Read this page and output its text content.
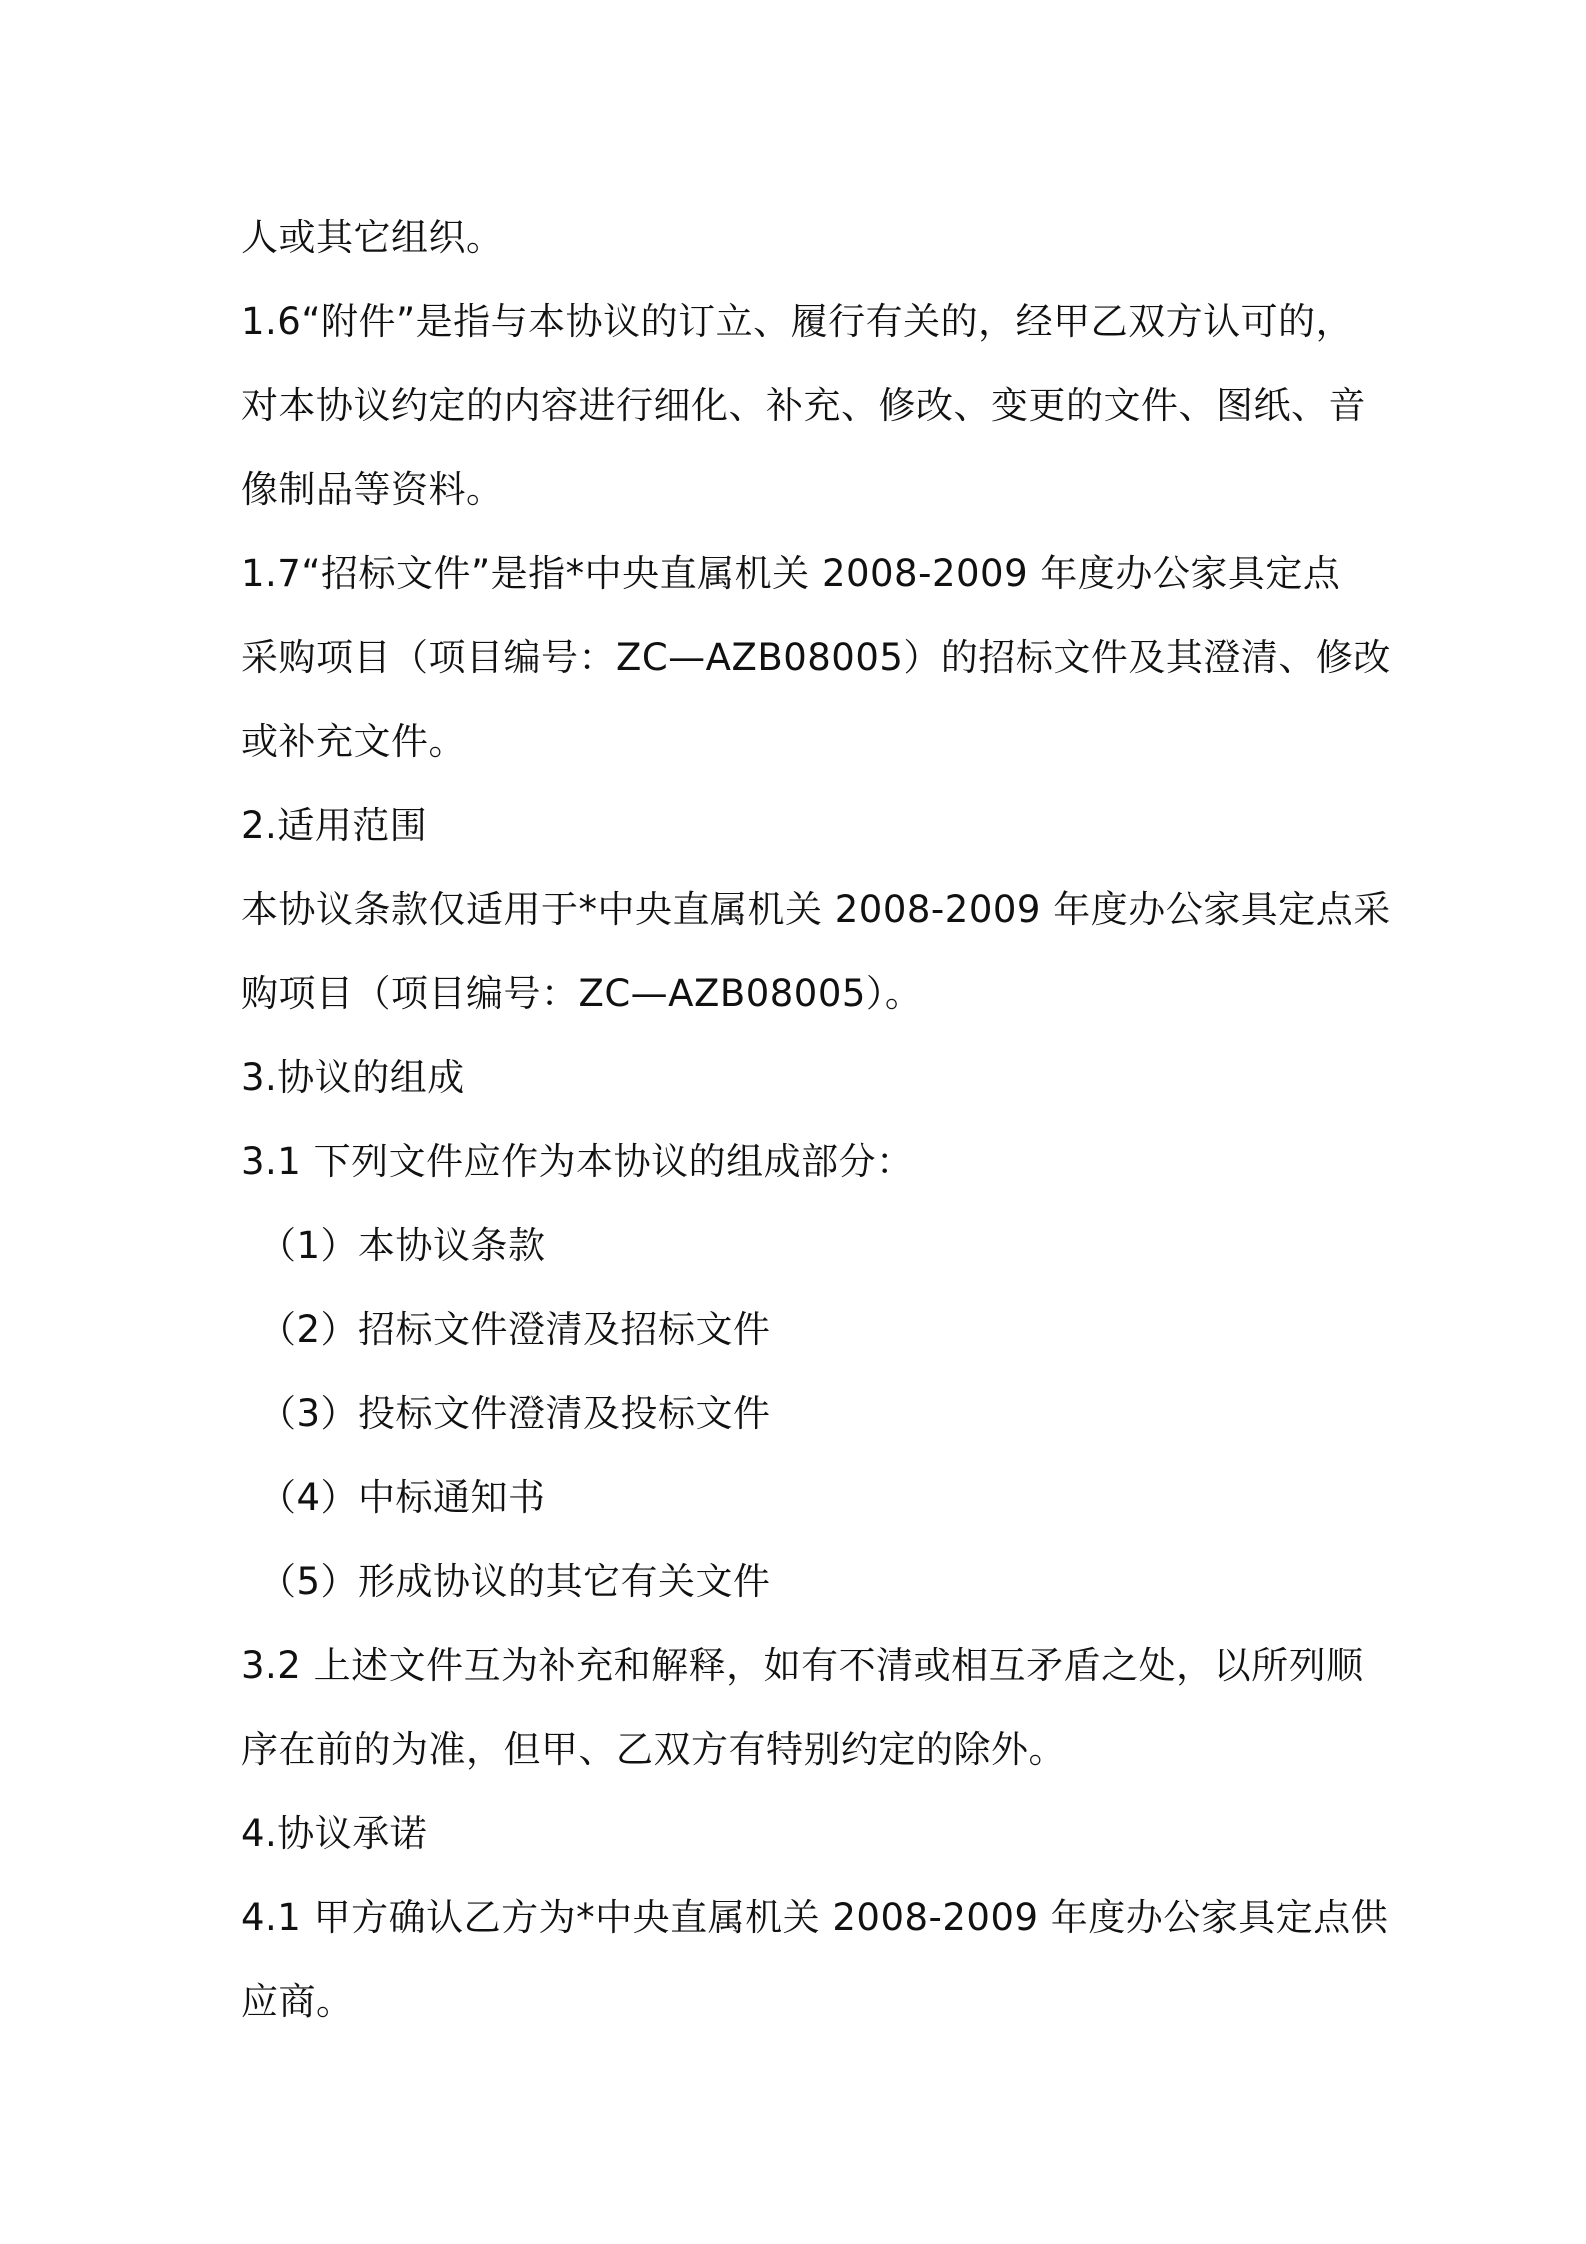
人或其它组织。
1.6“附件”是指与本协议的订立、履行有关的，经甲乙双方认可的，
对本协议约定的内容进行细化、补充、修改、变更的文件、图纸、音
像制品等资料。
1.7“招标文件”是指*中央直属机关 2008-2009 年度办公家具定点
采购项目（项目编号：ZC—AZB08005）的招标文件及其澄清、修改
或补充文件。
2.适用范围
本协议条款仅适用于*中央直属机关 2008-2009 年度办公家具定点采
购项目（项目编号：ZC—AZB08005）。
3.协议的组成
3.1 下列文件应作为本协议的组成部分：
（1）本协议条款
（2）招标文件澄清及招标文件
（3）投标文件澄清及投标文件
（4）中标通知书
（5）形成协议的其它有关文件
3.2 上述文件互为补充和解释，如有不清或相互矛盾之处，以所列顺
序在前的为准，但甲、乙双方有特别约定的除外。
4.协议承诺
4.1 甲方确认乙方为*中央直属机关 2008-2009 年度办公家具定点供
应商。
